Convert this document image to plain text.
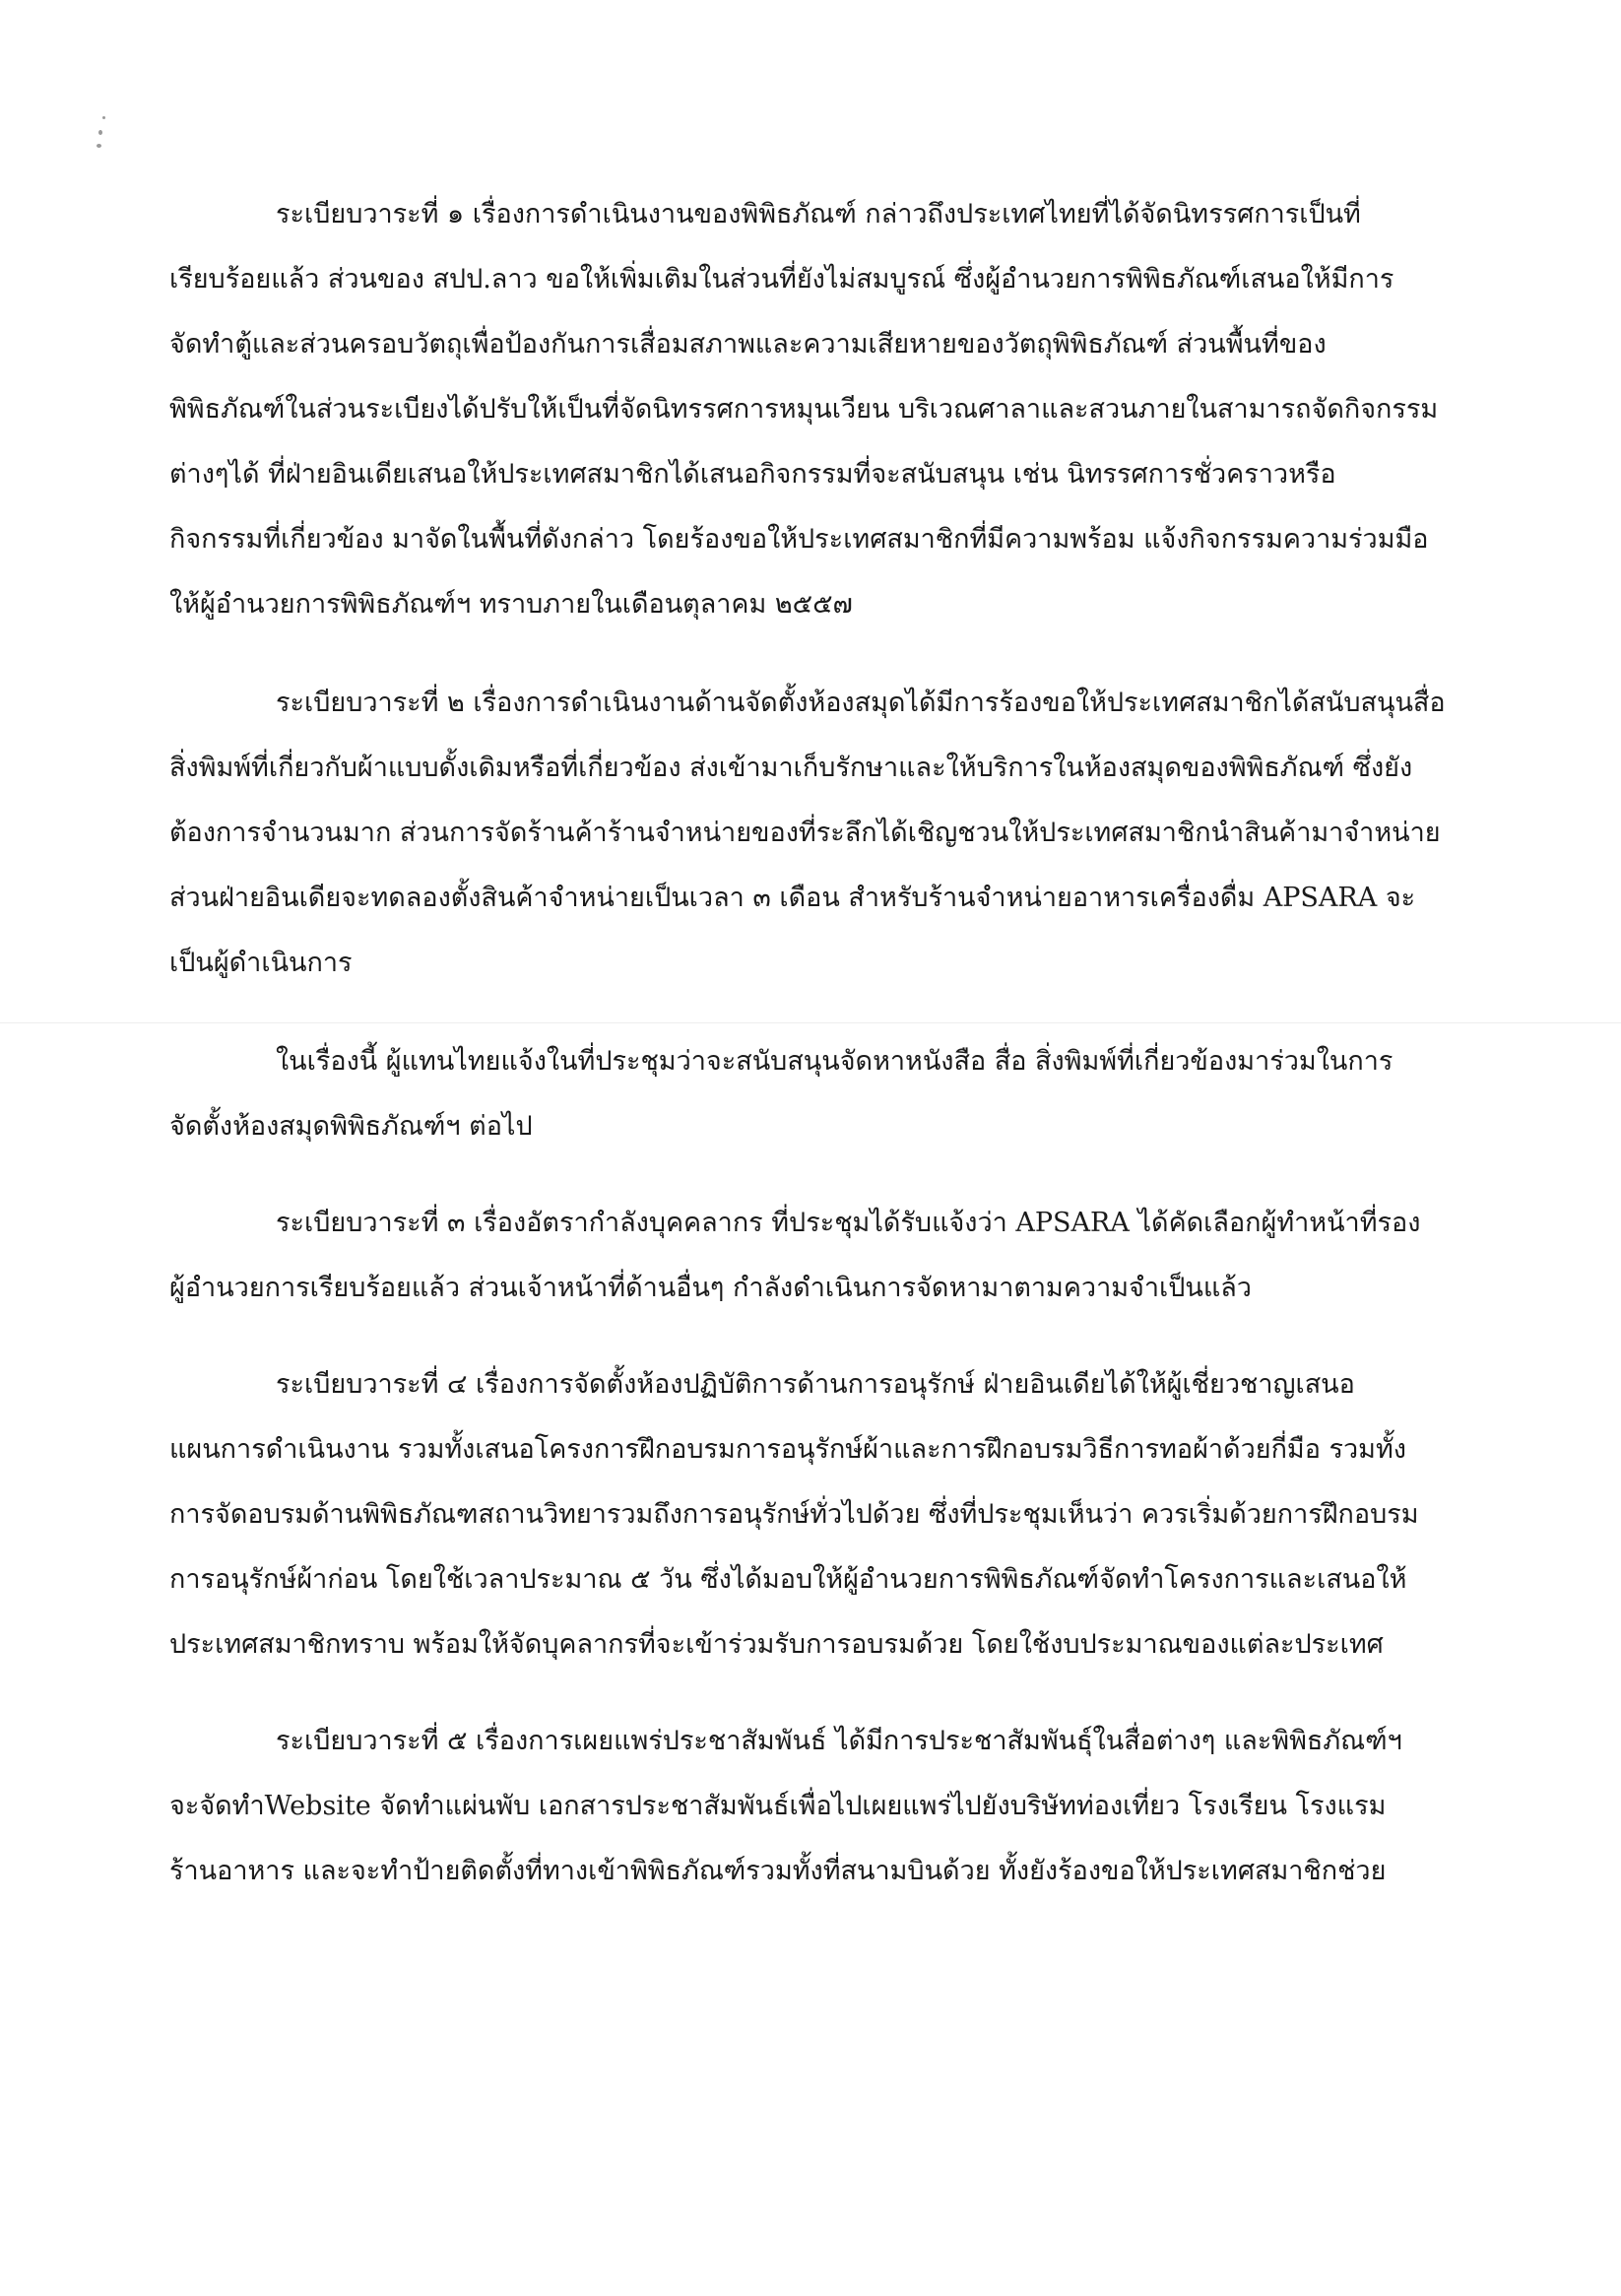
ระเบียบวาระที่ ๑ เรื่องการดำเนินงานของพิพิธภัณฑ์ กล่าวถึงประเทศไทยที่ได้จัดนิทรรศการเป็นที่
เรียบร้อยแล้ว ส่วนของ สปป.ลาว ขอให้เพิ่มเติมในส่วนที่ยังไม่สมบูรณ์ ซึ่งผู้อำนวยการพิพิธภัณฑ์เสนอให้มีการ
จัดทำตู้และส่วนครอบวัตถุเพื่อป้องกันการเสื่อมสภาพและความเสียหายของวัตถุพิพิธภัณฑ์ ส่วนพื้นที่ของ
พิพิธภัณฑ์ในส่วนระเบียงได้ปรับให้เป็นที่จัดนิทรรศการหมุนเวียน บริเวณศาลาและสวนภายในสามารถจัดกิจกรรม
ต่างๆได้ ที่ฝ่ายอินเดียเสนอให้ประเทศสมาชิกได้เสนอกิจกรรมที่จะสนับสนุน เช่น นิทรรศการชั่วคราวหรือ
กิจกรรมที่เกี่ยวข้อง มาจัดในพื้นที่ดังกล่าว โดยร้องขอให้ประเทศสมาชิกที่มีความพร้อม แจ้งกิจกรรมความร่วมมือ
ให้ผู้อำนวยการพิพิธภัณฑ์ฯ ทราบภายในเดือนตุลาคม ๒๕๕๗
ระเบียบวาระที่ ๒ เรื่องการดำเนินงานด้านจัดตั้งห้องสมุดได้มีการร้องขอให้ประเทศสมาชิกได้สนับสนุนสื่อ
สิ่งพิมพ์ที่เกี่ยวกับผ้าแบบดั้งเดิมหรือที่เกี่ยวข้อง ส่งเข้ามาเก็บรักษาและให้บริการในห้องสมุดของพิพิธภัณฑ์ ซึ่งยัง
ต้องการจำนวนมาก ส่วนการจัดร้านค้าร้านจำหน่ายของที่ระลึกได้เชิญชวนให้ประเทศสมาชิกนำสินค้ามาจำหน่าย
ส่วนฝ่ายอินเดียจะทดลองตั้งสินค้าจำหน่ายเป็นเวลา ๓ เดือน สำหรับร้านจำหน่ายอาหารเครื่องดื่ม APSARA จะ
เป็นผู้ดำเนินการ
ในเรื่องนี้ ผู้แทนไทยแจ้งในที่ประชุมว่าจะสนับสนุนจัดหาหนังสือ สื่อ สิ่งพิมพ์ที่เกี่ยวข้องมาร่วมในการ
จัดตั้งห้องสมุดพิพิธภัณฑ์ฯ ต่อไป
ระเบียบวาระที่ ๓ เรื่องอัตรากำลังบุคคลากร ที่ประชุมได้รับแจ้งว่า APSARA ได้คัดเลือกผู้ทำหน้าที่รอง
ผู้อำนวยการเรียบร้อยแล้ว ส่วนเจ้าหน้าที่ด้านอื่นๆ กำลังดำเนินการจัดหามาตามความจำเป็นแล้ว
ระเบียบวาระที่ ๔ เรื่องการจัดตั้งห้องปฏิบัติการด้านการอนุรักษ์ ฝ่ายอินเดียได้ให้ผู้เชี่ยวชาญเสนอ
แผนการดำเนินงาน รวมทั้งเสนอโครงการฝึกอบรมการอนุรักษ์ผ้าและการฝึกอบรมวิธีการทอผ้าด้วยกี่มือ รวมทั้ง
การจัดอบรมด้านพิพิธภัณฑสถานวิทยารวมถึงการอนุรักษ์ทั่วไปด้วย ซึ่งที่ประชุมเห็นว่า ควรเริ่มด้วยการฝึกอบรม
การอนุรักษ์ผ้าก่อน โดยใช้เวลาประมาณ ๕ วัน ซึ่งได้มอบให้ผู้อำนวยการพิพิธภัณฑ์จัดทำโครงการและเสนอให้
ประเทศสมาชิกทราบ พร้อมให้จัดบุคลากรที่จะเข้าร่วมรับการอบรมด้วย โดยใช้งบประมาณของแต่ละประเทศ
ระเบียบวาระที่ ๕ เรื่องการเผยแพร่ประชาสัมพันธ์ ได้มีการประชาสัมพันธุ์ในสื่อต่างๆ และพิพิธภัณฑ์ฯ
จะจัดทำWebsite จัดทำแผ่นพับ เอกสารประชาสัมพันธ์เพื่อไปเผยแพร่ไปยังบริษัทท่องเที่ยว โรงเรียน โรงแรม
ร้านอาหาร และจะทำป้ายติดตั้งที่ทางเข้าพิพิธภัณฑ์รวมทั้งที่สนามบินด้วย ทั้งยังร้องขอให้ประเทศสมาชิกช่วย
